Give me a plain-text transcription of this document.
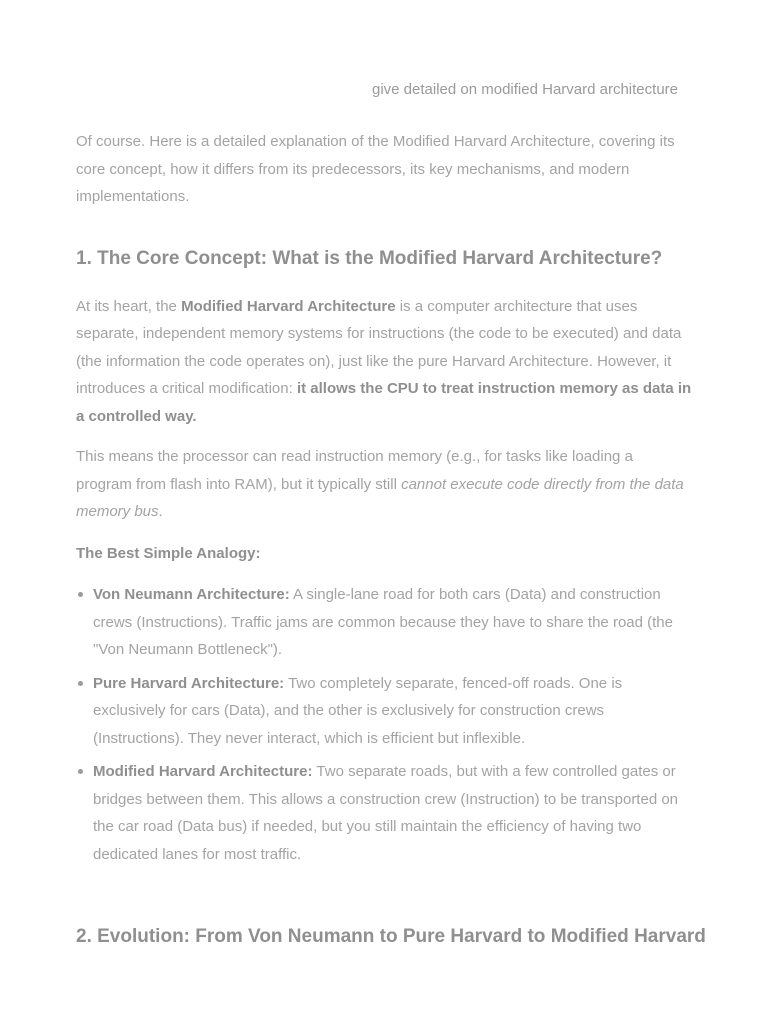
give detailed on modified Harvard architecture

Of course. Here is a detailed explanation of the Modified Harvard Architecture, covering its core concept, how it differs from its predecessors, its key mechanisms, and modern implementations.

1. The Core Concept: What is the Modified Harvard Architecture?

At its heart, the Modified Harvard Architecture is a computer architecture that uses separate, independent memory systems for instructions (the code to be executed) and data (the information the code operates on), just like the pure Harvard Architecture. However, it introduces a critical modification: it allows the CPU to treat instruction memory as data in a controlled way.

This means the processor can read instruction memory (e.g., for tasks like loading a program from flash into RAM), but it typically still cannot execute code directly from the data memory bus.

The Best Simple Analogy:

Von Neumann Architecture: A single-lane road for both cars (Data) and construction crews (Instructions). Traffic jams are common because they have to share the road (the "Von Neumann Bottleneck").
Pure Harvard Architecture: Two completely separate, fenced-off roads. One is exclusively for cars (Data), and the other is exclusively for construction crews (Instructions). They never interact, which is efficient but inflexible.
Modified Harvard Architecture: Two separate roads, but with a few controlled gates or bridges between them. This allows a construction crew (Instruction) to be transported on the car road (Data bus) if needed, but you still maintain the efficiency of having two dedicated lanes for most traffic.
2. Evolution: From Von Neumann to Pure Harvard to Modified Harvard
